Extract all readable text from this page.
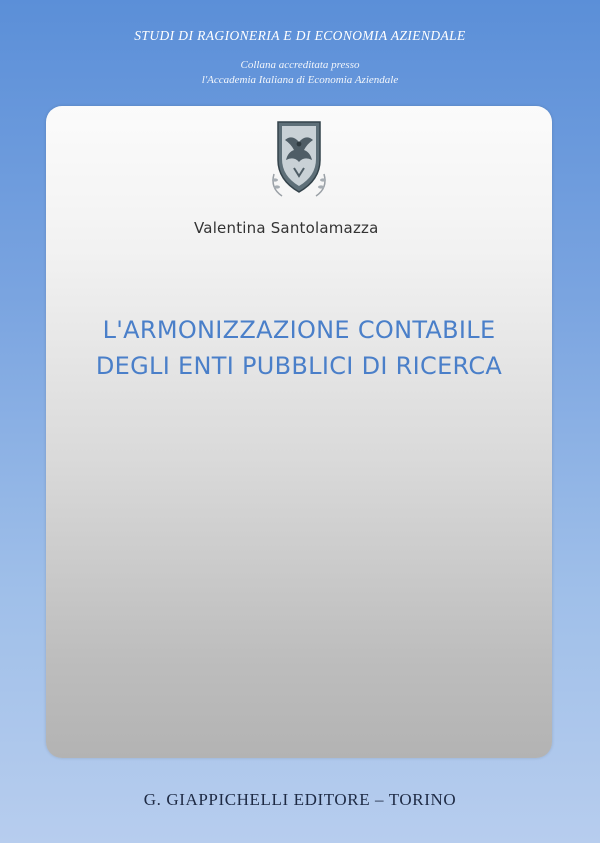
STUDI DI RAGIONERIA E DI ECONOMIA AZIENDALE
Collana accreditata presso
l'Accademia Italiana di Economia Aziendale
Valentina Santolamazza
L'ARMONIZZAZIONE CONTABILE
DEGLI ENTI PUBBLICI DI RICERCA
G. GIAPPICHELLI EDITORE – TORINO
